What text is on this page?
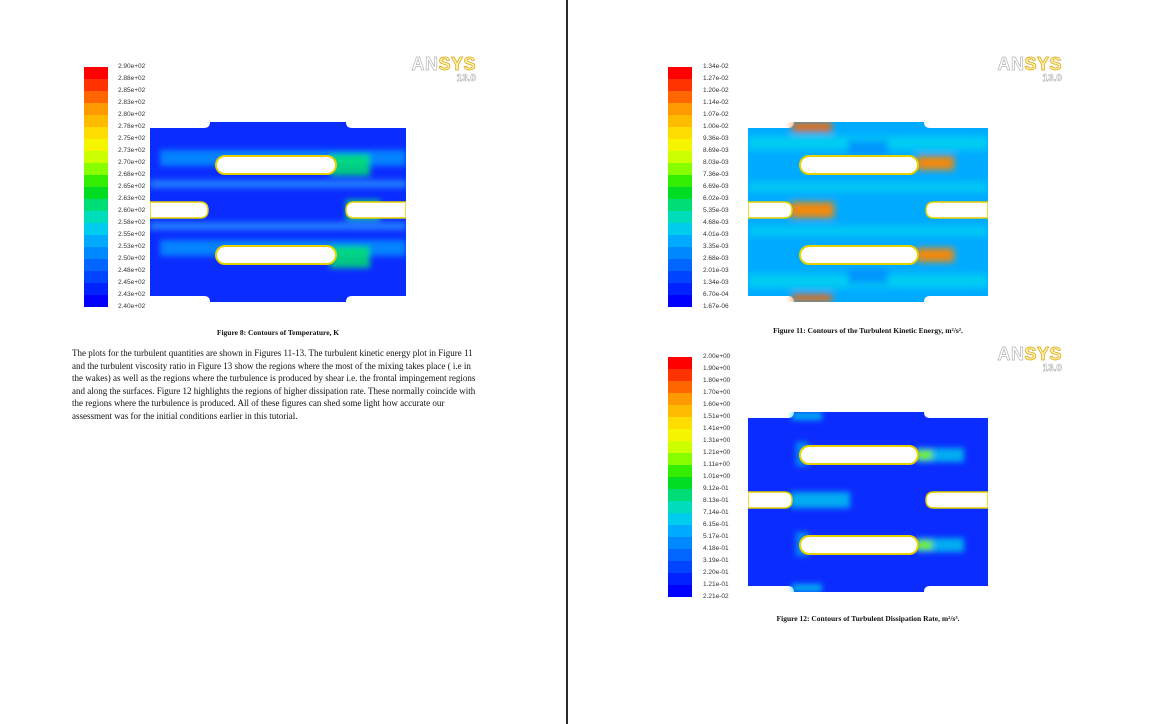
2.90e+02
2.88e+02
2.85e+02
2.83e+02
2.80e+02
2.78e+02
2.75e+02
2.73e+02
2.70e+02
2.68e+02
2.65e+02
2.63e+02
2.60e+02
2.58e+02
2.55e+02
2.53e+02
2.50e+02
2.48e+02
2.45e+02
2.43e+02
2.40e+02
ANSYS
13.0
Figure 8: Contours of Temperature, K

The plots for the turbulent quantities are shown in Figures 11-13. The turbulent kinetic energy plot in Figure 11 and the turbulent viscosity ratio in Figure 13 show the regions where the most of the mixing takes place ( i.e in the wakes) as well as the regions where the turbulence is produced by shear i.e. the frontal impingement regions and along the surfaces. Figure 12 highlights the regions of higher dissipation rate. These normally coincide with the regions where the turbulence is produced. All of these figures can shed some light how accurate our assessment was for the initial conditions earlier in this tutorial.

1.34e-02
1.27e-02
1.20e-02
1.14e-02
1.07e-02
1.00e-02
9.36e-03
8.69e-03
8.03e-03
7.36e-03
6.69e-03
6.02e-03
5.35e-03
4.68e-03
4.01e-03
3.35e-03
2.68e-03
2.01e-03
1.34e-03
6.70e-04
1.67e-06
ANSYS
13.0
Figure 11: Contours of the Turbulent Kinetic Energy, m²/s².
2.00e+00
1.90e+00
1.80e+00
1.70e+00
1.60e+00
1.51e+00
1.41e+00
1.31e+00
1.21e+00
1.11e+00
1.01e+00
9.12e-01
8.13e-01
7.14e-01
6.15e-01
5.17e-01
4.18e-01
3.19e-01
2.20e-01
1.21e-01
2.21e-02
ANSYS
13.0
Figure 12: Contours of Turbulent Dissipation Rate, m²/s³.
